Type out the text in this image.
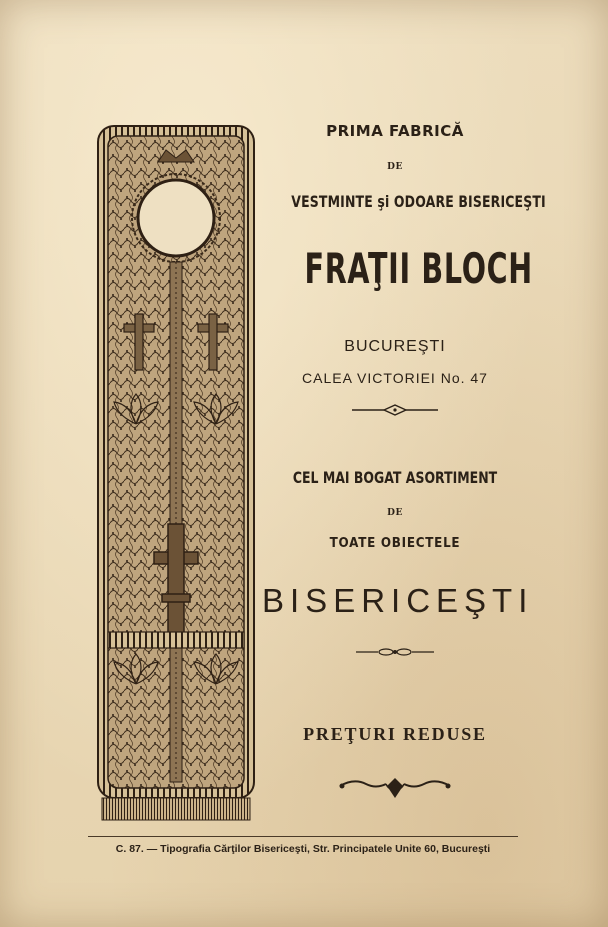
PRIMA FABRICĂ
DE
VESTMINTE şi ODOARE BISERICEŞTI
FRAŢII BLOCH
BUCUREŞTI
CALEA VICTORIEI No. 47
CEL MAI BOGAT ASORTIMENT
DE
TOATE OBIECTELE
BISERICEŞTI
PREŢURI REDUSE
C. 87. — Tipografia Cărţilor Bisericeşti, Str. Principatele Unite 60, Bucureşti
